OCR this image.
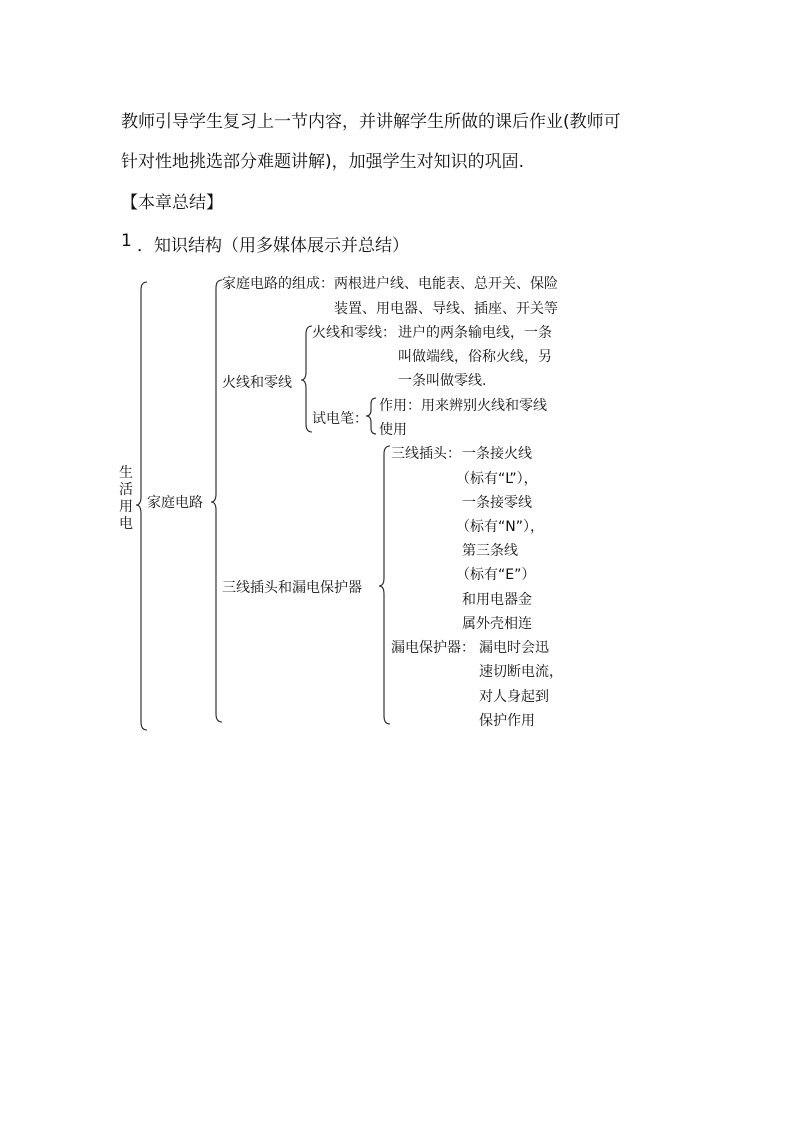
教师引导学生复习上一节内容，并讲解学生所做的课后作业(教师可
针对性地挑选部分难题讲解)，加强学生对知识的巩固.
【本章总结】
1 ．知识结构（用多媒体展示并总结）
生活用电
家庭电路
家庭电路的组成： 两根进户线、电能表、总开关、保险
装置、用电器、导线、插座、开关等
火线和零线
火线和零线： 进户的两条输电线，一条
叫做端线，俗称火线，另
一条叫做零线.
试电笔：
作用：用来辨别火线和零线
使用
三线插头和漏电保护器
三线插头： 一条接火线
（标有“L”），
一条接零线
（标有“N”），
第三条线
（标有“E”）
和用电器金
属外壳相连
漏电保护器： 漏电时会迅
速切断电流，
对人身起到
保护作用
